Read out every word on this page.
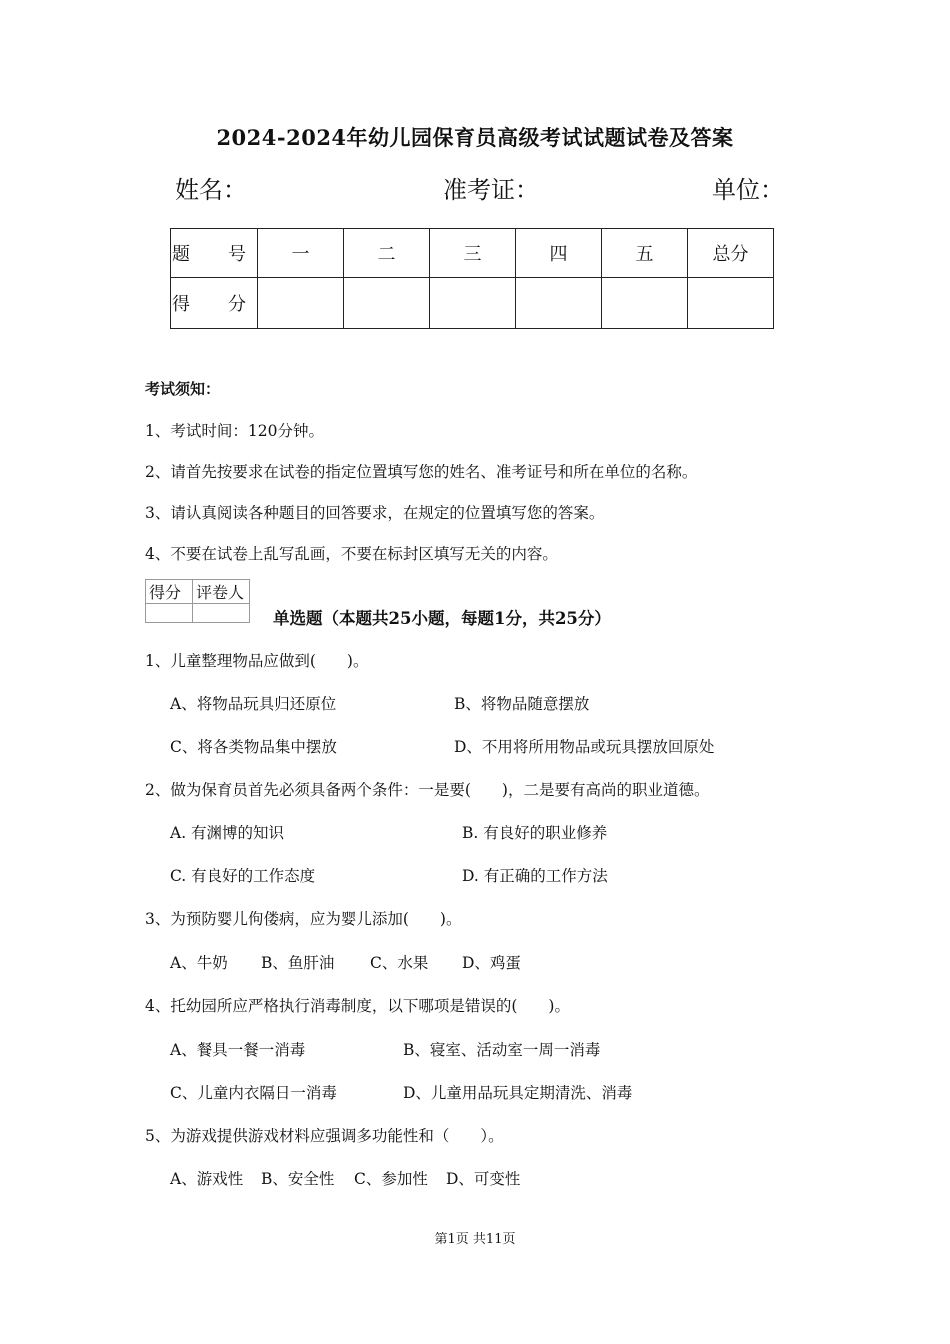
2024-2024年幼儿园保育员高级考试试题试卷及答案
姓名：	准考证：	单位：
题　号	一	二	三	四	五	总分
得　分						
考试须知：
1、考试时间：120分钟。
2、请首先按要求在试卷的指定位置填写您的姓名、准考证号和所在单位的名称。
3、请认真阅读各种题目的回答要求，在规定的位置填写您的答案。
4、不要在试卷上乱写乱画，不要在标封区填写无关的内容。
得分	评卷人

单选题（本题共25小题，每题1分，共25分）
1、儿童整理物品应做到(　　)。
A、将物品玩具归还原位	B、将物品随意摆放
C、将各类物品集中摆放	D、不用将所用物品或玩具摆放回原处
2、做为保育员首先必须具备两个条件：一是要(　　)，二是要有高尚的职业道德。
A. 有渊博的知识	B. 有良好的职业修养
C. 有良好的工作态度	D. 有正确的工作方法
3、为预防婴儿佝偻病，应为婴儿添加(　　)。
A、牛奶 B、鱼肝油 C、水果 D、鸡蛋
4、托幼园所应严格执行消毒制度，以下哪项是错误的(　　)。
A、餐具一餐一消毒	B、寝室、活动室一周一消毒
C、儿童内衣隔日一消毒	D、儿童用品玩具定期清洗、消毒
5、为游戏提供游戏材料应强调多功能性和（　　）。
A、游戏性 B、安全性 C、参加性 D、可变性
第1页 共11页
